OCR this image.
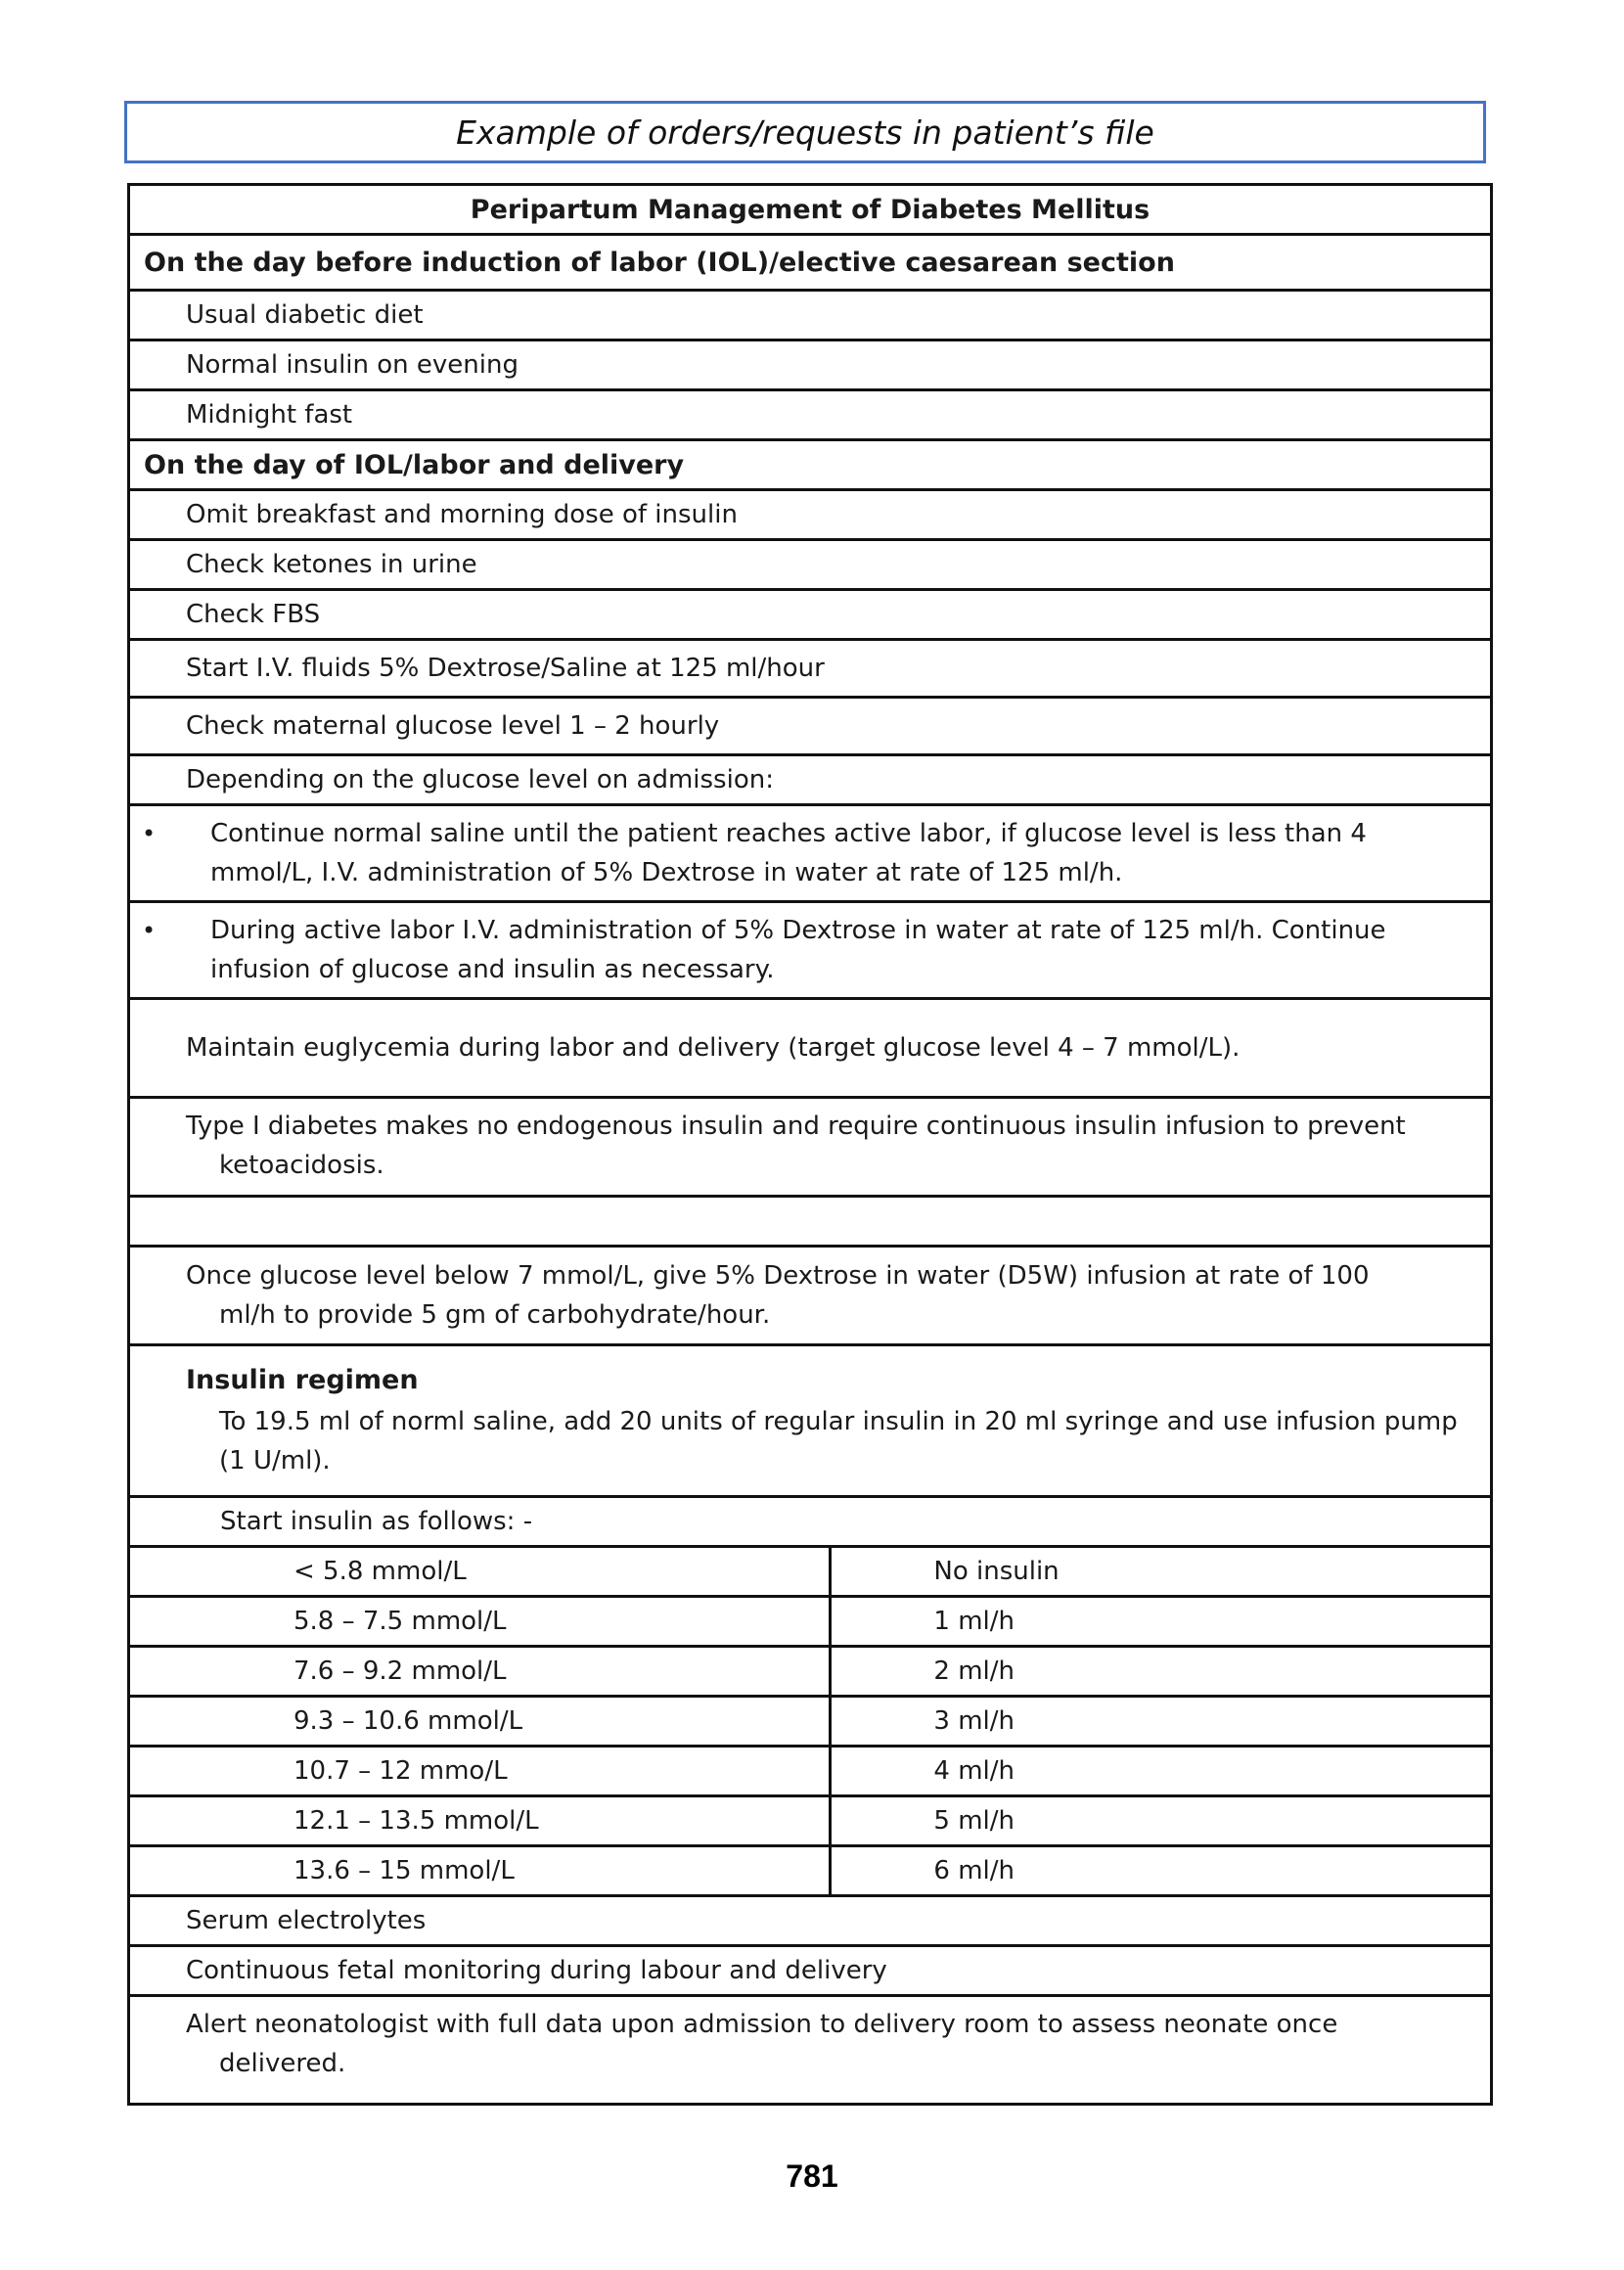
Example of orders/requests in patient’s file
Peripartum Management of Diabetes Mellitus	
On the day before induction of labor (IOL)/elective caesarean section	
Usual diabetic diet	
Normal insulin on evening	
Midnight fast	
On the day of IOL/labor and delivery	
Omit breakfast and morning dose of insulin	
Check ketones in urine	
Check FBS	
Start I.V. fluids 5% Dextrose/Saline at 125 ml/hour	
Check maternal glucose level 1 – 2 hourly	
Depending on the glucose level on admission:	

• Continue normal saline until the patient reaches active labor, if glucose level is less than 4 mmol/L, I.V. administration of 5% Dextrose in water at rate of 125 ml/h.	

• During active labor I.V. administration of 5% Dextrose in water at rate of 125 ml/h. Continue infusion of glucose and insulin as necessary.	

Maintain euglycemia during labor and delivery (target glucose level 4 – 7 mmol/L).	
Type I diabetes makes no endogenous insulin and require continuous insulin infusion to prevent
ketoacidosis.	

Once glucose level below 7 mmol/L, give 5% Dextrose in water (D5W) infusion at rate of 100
ml/h to provide 5 gm of carbohydrate/hour.	

Insulin regimen
To 19.5 ml of norml saline, add 20 units of regular insulin in 20 ml syringe and use infusion pump (1 U/ml).	

Start insulin as follows: -	
< 5.8 mmol/L	No insulin
5.8 – 7.5 mmol/L	1 ml/h
7.6 – 9.2 mmol/L	2 ml/h
9.3 – 10.6 mmol/L	3 ml/h
10.7 – 12 mmo/L	4 ml/h
12.1 – 13.5 mmol/L	5 ml/h
13.6 – 15 mmol/L	6 ml/h
Serum electrolytes	
Continuous fetal monitoring during labour and delivery	
Alert neonatologist with full data upon admission to delivery room to assess neonate once
delivered.	
781
